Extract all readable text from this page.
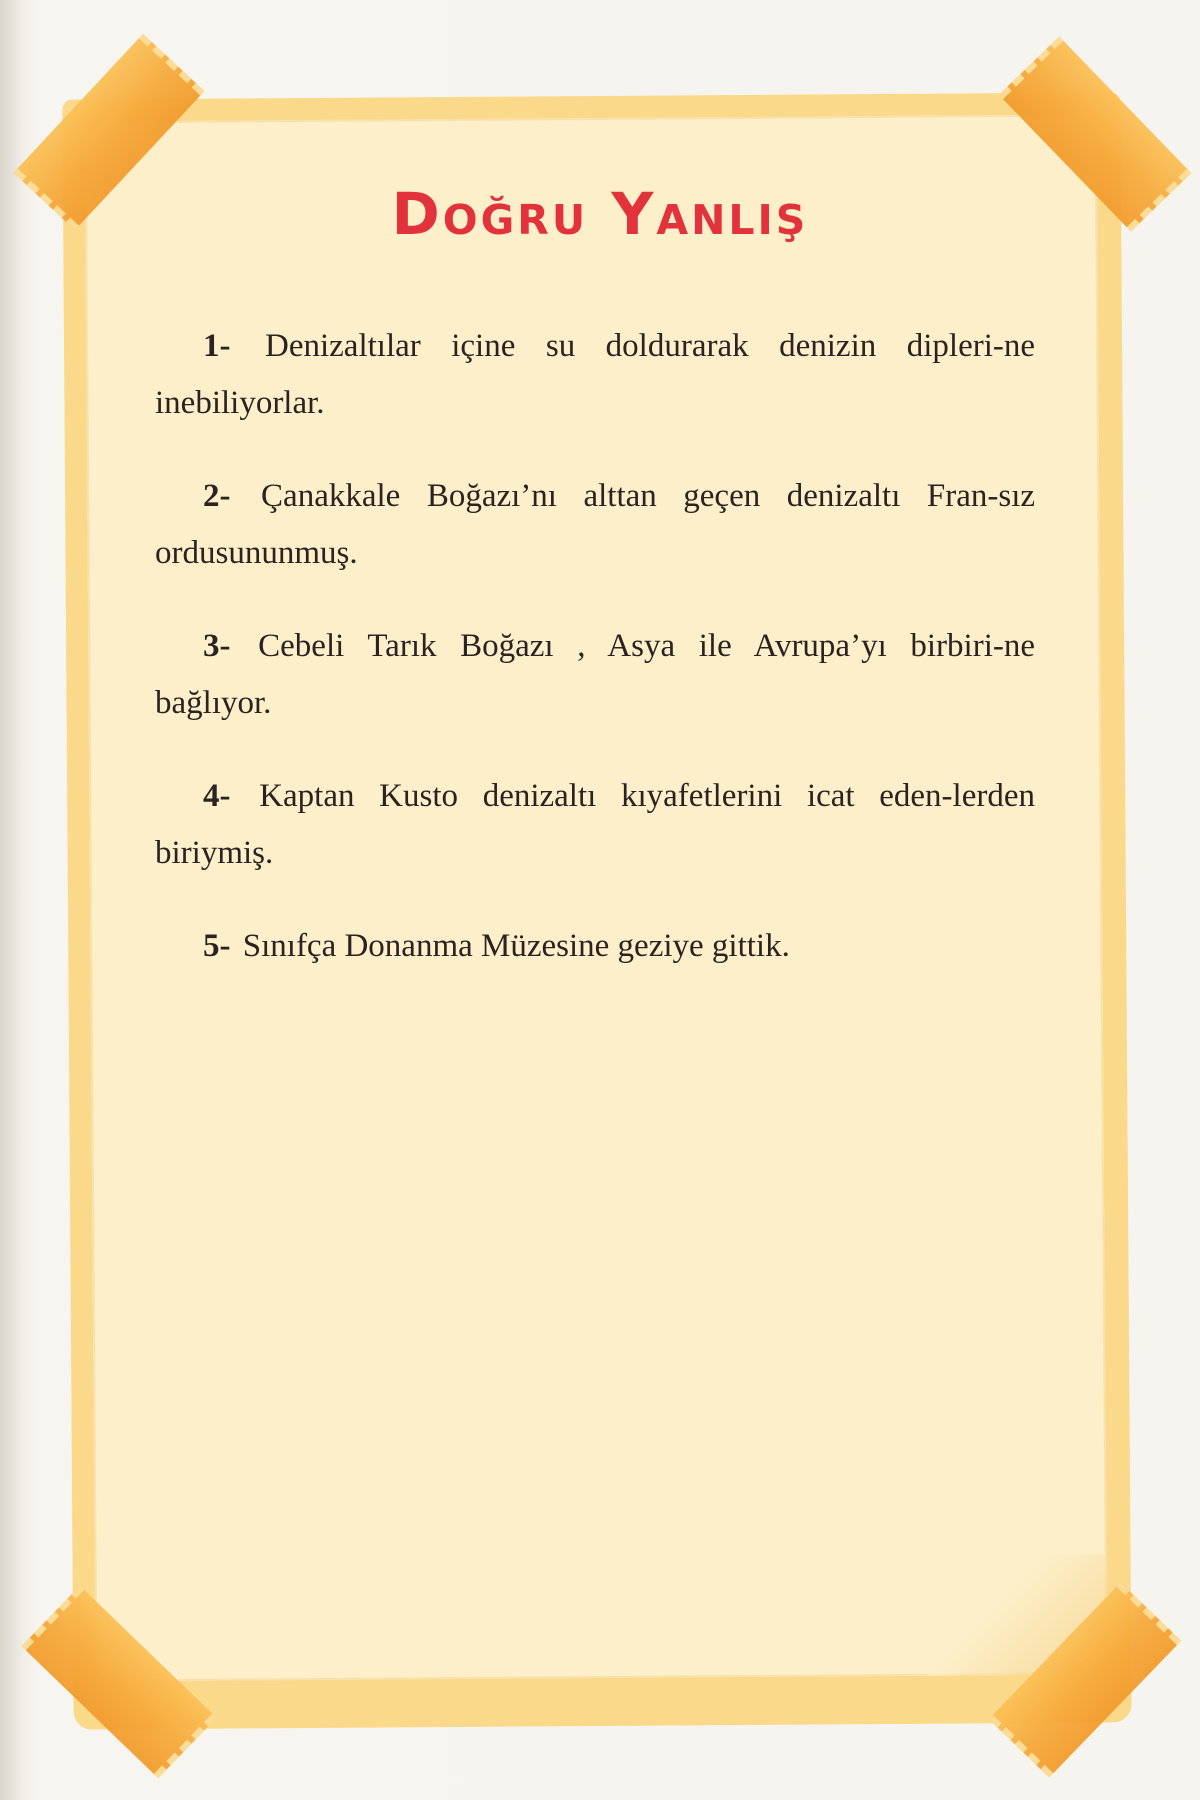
Doğru Yanlış
1- Denizaltılar içine su doldurarak denizin dipleri-ne inebiliyorlar.
2- Çanakkale Boğazı’nı alttan geçen denizaltı Fran-sız ordusununmuş.
3- Cebeli Tarık Boğazı , Asya ile Avrupa’yı birbiri-ne bağlıyor.
4- Kaptan Kusto denizaltı kıyafetlerini icat eden-lerden biriymiş.
5- Sınıfça Donanma Müzesine geziye gittik.
